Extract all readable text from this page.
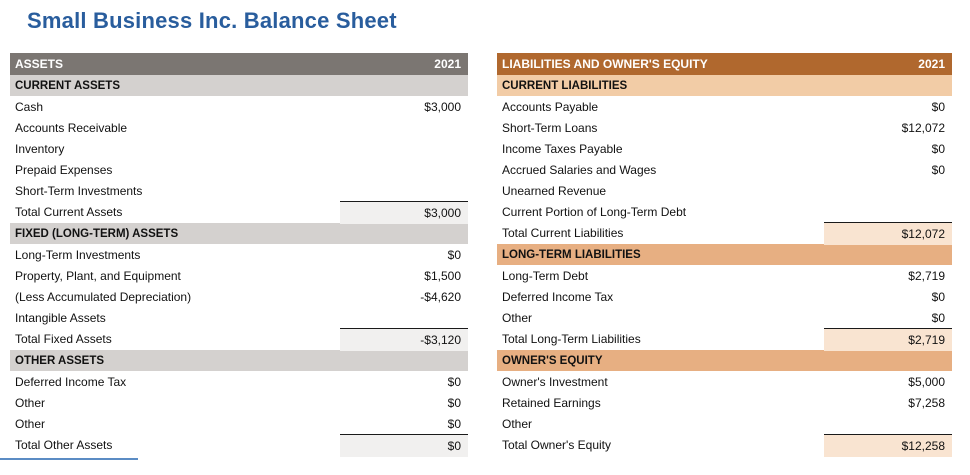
Small Business Inc. Balance Sheet
ASSETS	2021
CURRENT ASSETS
Cash	$3,000
Accounts Receivable
Inventory
Prepaid Expenses
Short-Term Investments
Total Current Assets	$3,000
FIXED (LONG-TERM) ASSETS
Long-Term Investments	$0
Property, Plant, and Equipment	$1,500
(Less Accumulated Depreciation)	-$4,620
Intangible Assets
Total Fixed Assets	-$3,120
OTHER ASSETS
Deferred Income Tax	$0
Other	$0
Other	$0
Total Other Assets	$0
LIABILITIES AND OWNER'S EQUITY	2021
CURRENT LIABILITIES
Accounts Payable	$0
Short-Term Loans	$12,072
Income Taxes Payable	$0
Accrued Salaries and Wages	$0
Unearned Revenue
Current Portion of Long-Term Debt
Total Current Liabilities	$12,072
LONG-TERM LIABILITIES
Long-Term Debt	$2,719
Deferred Income Tax	$0
Other	$0
Total Long-Term Liabilities	$2,719
OWNER'S EQUITY
Owner's Investment	$5,000
Retained Earnings	$7,258
Other
Total Owner's Equity	$12,258
